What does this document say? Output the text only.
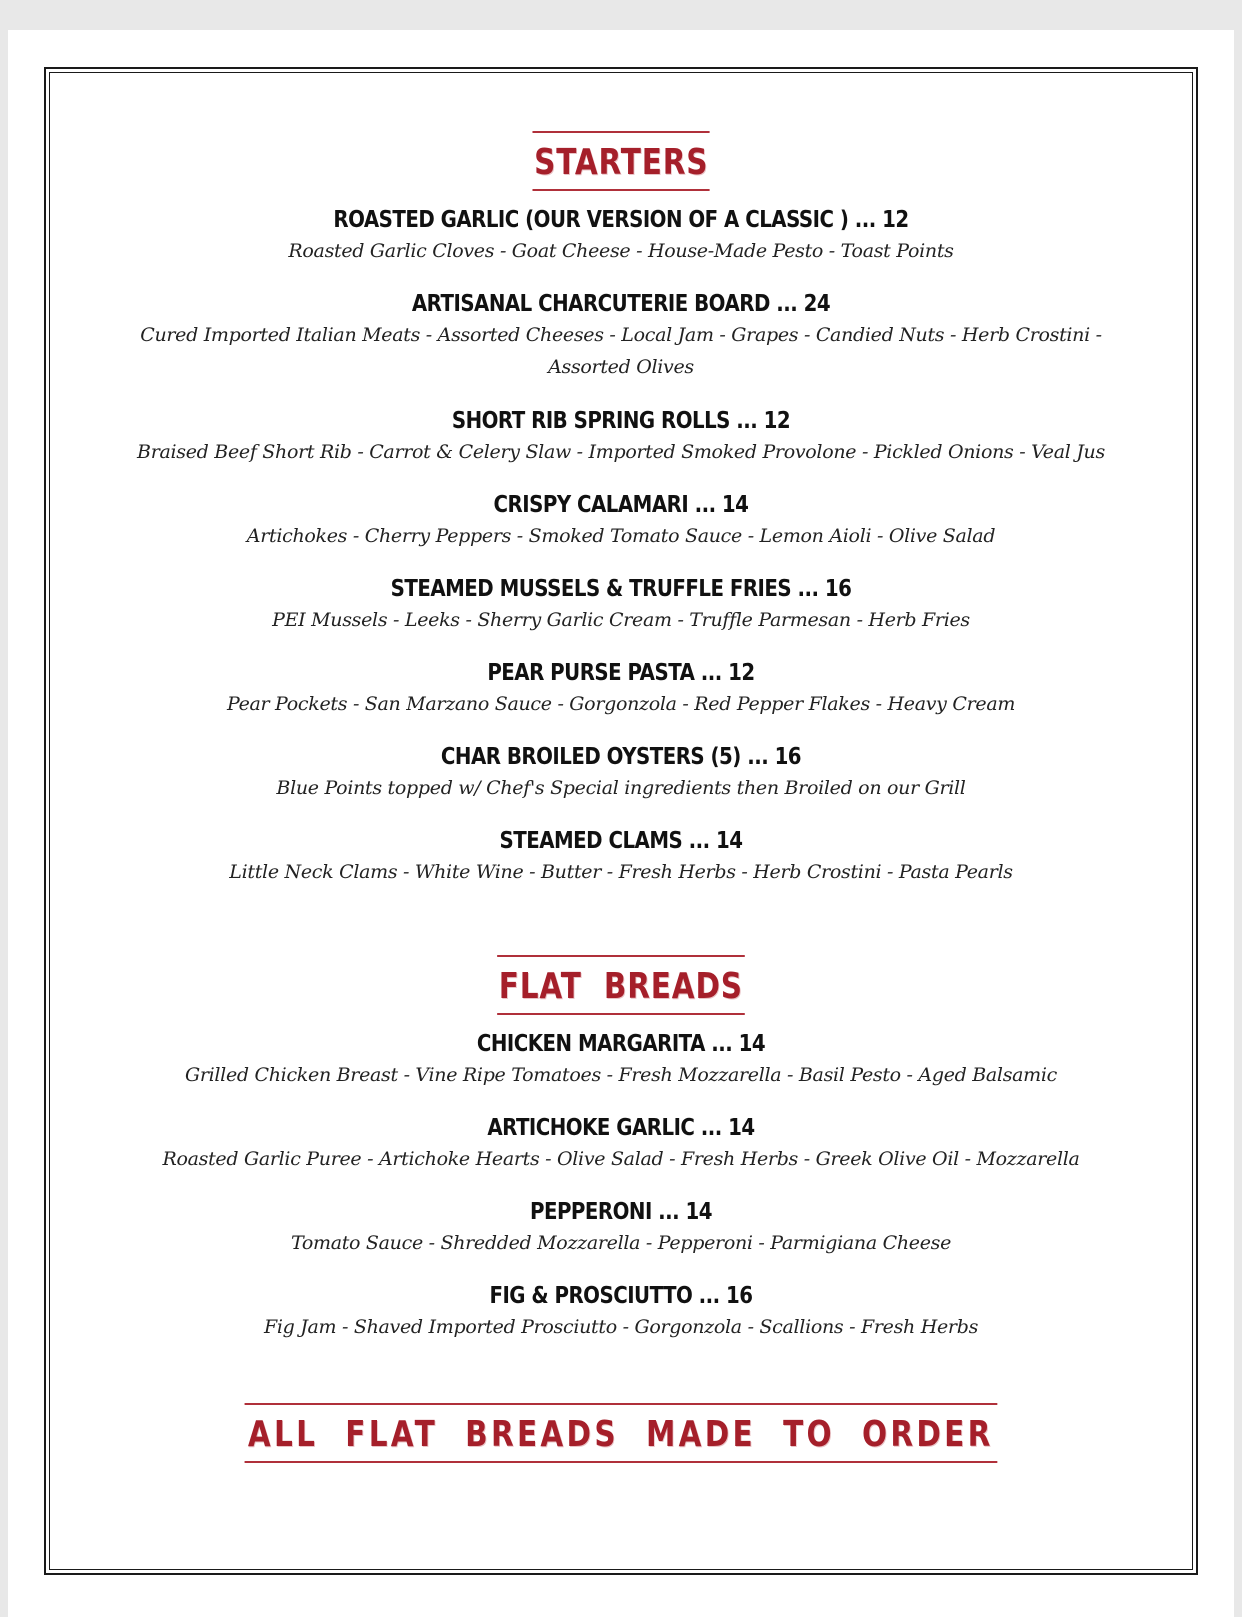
STARTERS
ROASTED GARLIC (OUR VERSION OF A CLASSIC ) ... 12
Roasted Garlic Cloves - Goat Cheese - House-Made Pesto - Toast Points
ARTISANAL CHARCUTERIE BOARD ... 24
Cured Imported Italian Meats - Assorted Cheeses - Local Jam - Grapes - Candied Nuts - Herb Crostini - Assorted Olives
SHORT RIB SPRING ROLLS ... 12
Braised Beef Short Rib - Carrot & Celery Slaw - Imported Smoked Provolone - Pickled Onions - Veal Jus
CRISPY CALAMARI ... 14
Artichokes - Cherry Peppers - Smoked Tomato Sauce - Lemon Aioli - Olive Salad
STEAMED MUSSELS & TRUFFLE FRIES ... 16
PEI Mussels - Leeks - Sherry Garlic Cream - Truffle Parmesan - Herb Fries
PEAR PURSE PASTA ... 12
Pear Pockets - San Marzano Sauce - Gorgonzola - Red Pepper Flakes - Heavy Cream
CHAR BROILED OYSTERS (5) ... 16
Blue Points topped w/ Chef's Special ingredients then Broiled on our Grill
STEAMED CLAMS ... 14
Little Neck Clams - White Wine - Butter - Fresh Herbs - Herb Crostini - Pasta Pearls
FLAT  BREADS
CHICKEN MARGARITA ... 14
Grilled Chicken Breast - Vine Ripe Tomatoes - Fresh Mozzarella - Basil Pesto - Aged Balsamic
ARTICHOKE GARLIC ... 14
Roasted Garlic Puree - Artichoke Hearts - Olive Salad - Fresh Herbs - Greek Olive Oil - Mozzarella
PEPPERONI ... 14
Tomato Sauce - Shredded Mozzarella - Pepperoni - Parmigiana Cheese
FIG & PROSCIUTTO ... 16
Fig Jam - Shaved Imported Prosciutto - Gorgonzola - Scallions - Fresh Herbs
ALL  FLAT  BREADS  MADE  TO  ORDER
